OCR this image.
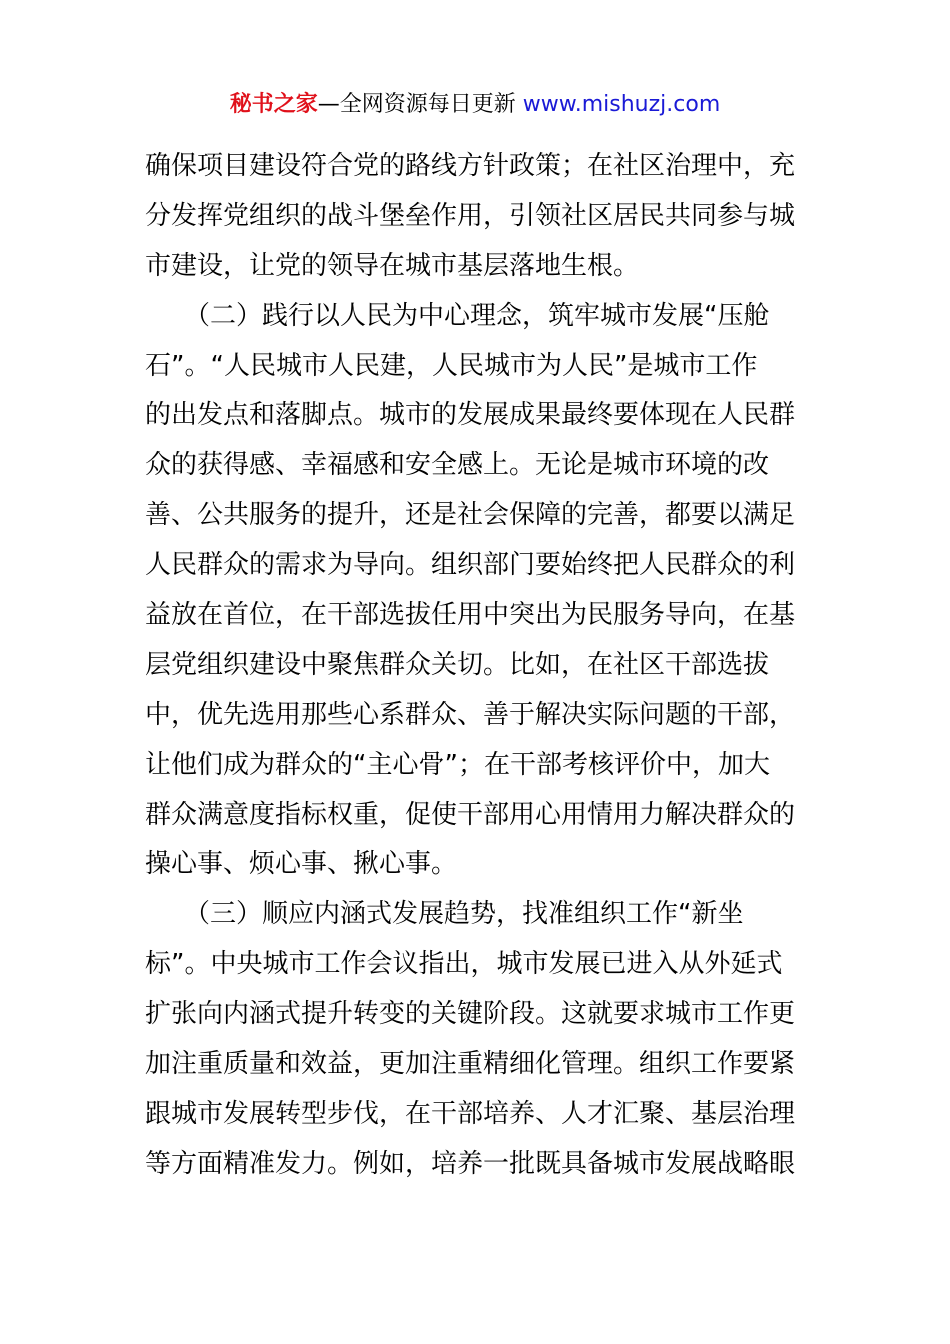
秘书之家—全网资源每日更新 www.mishuzj.com
确保项目建设符合党的路线方针政策；在社区治理中，充
分发挥党组织的战斗堡垒作用，引领社区居民共同参与城
市建设，让党的领导在城市基层落地生根。
　　（二）践行以人民为中心理念，筑牢城市发展“压舱
石”。“人民城市人民建，人民城市为人民”是城市工作
的出发点和落脚点。城市的发展成果最终要体现在人民群
众的获得感、幸福感和安全感上。无论是城市环境的改
善、公共服务的提升，还是社会保障的完善，都要以满足
人民群众的需求为导向。组织部门要始终把人民群众的利
益放在首位，在干部选拔任用中突出为民服务导向，在基
层党组织建设中聚焦群众关切。比如，在社区干部选拔
中，优先选用那些心系群众、善于解决实际问题的干部，
让他们成为群众的“主心骨”；在干部考核评价中，加大
群众满意度指标权重，促使干部用心用情用力解决群众的
操心事、烦心事、揪心事。
　　（三）顺应内涵式发展趋势，找准组织工作“新坐
标”。中央城市工作会议指出，城市发展已进入从外延式
扩张向内涵式提升转变的关键阶段。这就要求城市工作更
加注重质量和效益，更加注重精细化管理。组织工作要紧
跟城市发展转型步伐，在干部培养、人才汇聚、基层治理
等方面精准发力。例如，培养一批既具备城市发展战略眼
